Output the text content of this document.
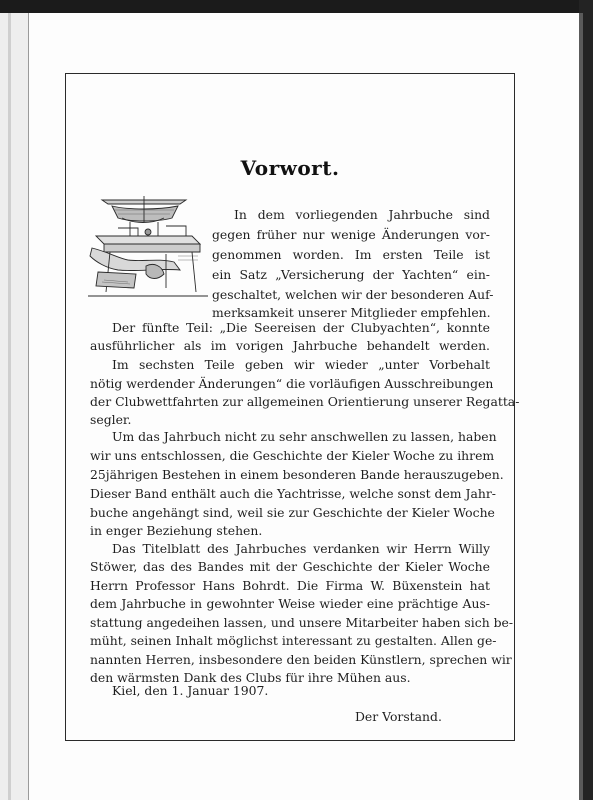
Vorwort.

In dem vorliegenden Jahrbuche sind

gegen früher nur wenige Änderungen vor-

genommen worden. Im ersten Teile ist

ein Satz „Versicherung der Yachten“ ein-

geschaltet, welchen wir der besonderen Auf-

merksamkeit unserer Mitglieder empfehlen.

Der fünfte Teil: „Die Seereisen der Clubyachten“, konnte

ausführlicher als im vorigen Jahrbuche behandelt werden.

Im sechsten Teile geben wir wieder „unter Vorbehalt

nötig werdender Änderungen“ die vorläufigen Ausschreibungen

der Clubwettfahrten zur allgemeinen Orientierung unserer Regatta-

segler.

Um das Jahrbuch nicht zu sehr anschwellen zu lassen, haben

wir uns entschlossen, die Geschichte der Kieler Woche zu ihrem

25jährigen Bestehen in einem besonderen Bande herauszugeben.

Dieser Band enthält auch die Yachtrisse, welche sonst dem Jahr-

buche angehängt sind, weil sie zur Geschichte der Kieler Woche

in enger Beziehung stehen.

Das Titelblatt des Jahrbuches verdanken wir Herrn Willy

Stöwer, das des Bandes mit der Geschichte der Kieler Woche

Herrn Professor Hans Bohrdt. Die Firma W. Büxenstein hat

dem Jahrbuche in gewohnter Weise wieder eine prächtige Aus-

stattung angedeihen lassen, und unsere Mitarbeiter haben sich be-

müht, seinen Inhalt möglichst interessant zu gestalten. Allen ge-

nannten Herren, insbesondere den beiden Künstlern, sprechen wir

den wärmsten Dank des Clubs für ihre Mühen aus.

Kiel, den 1. Januar 1907.

Der Vorstand.
